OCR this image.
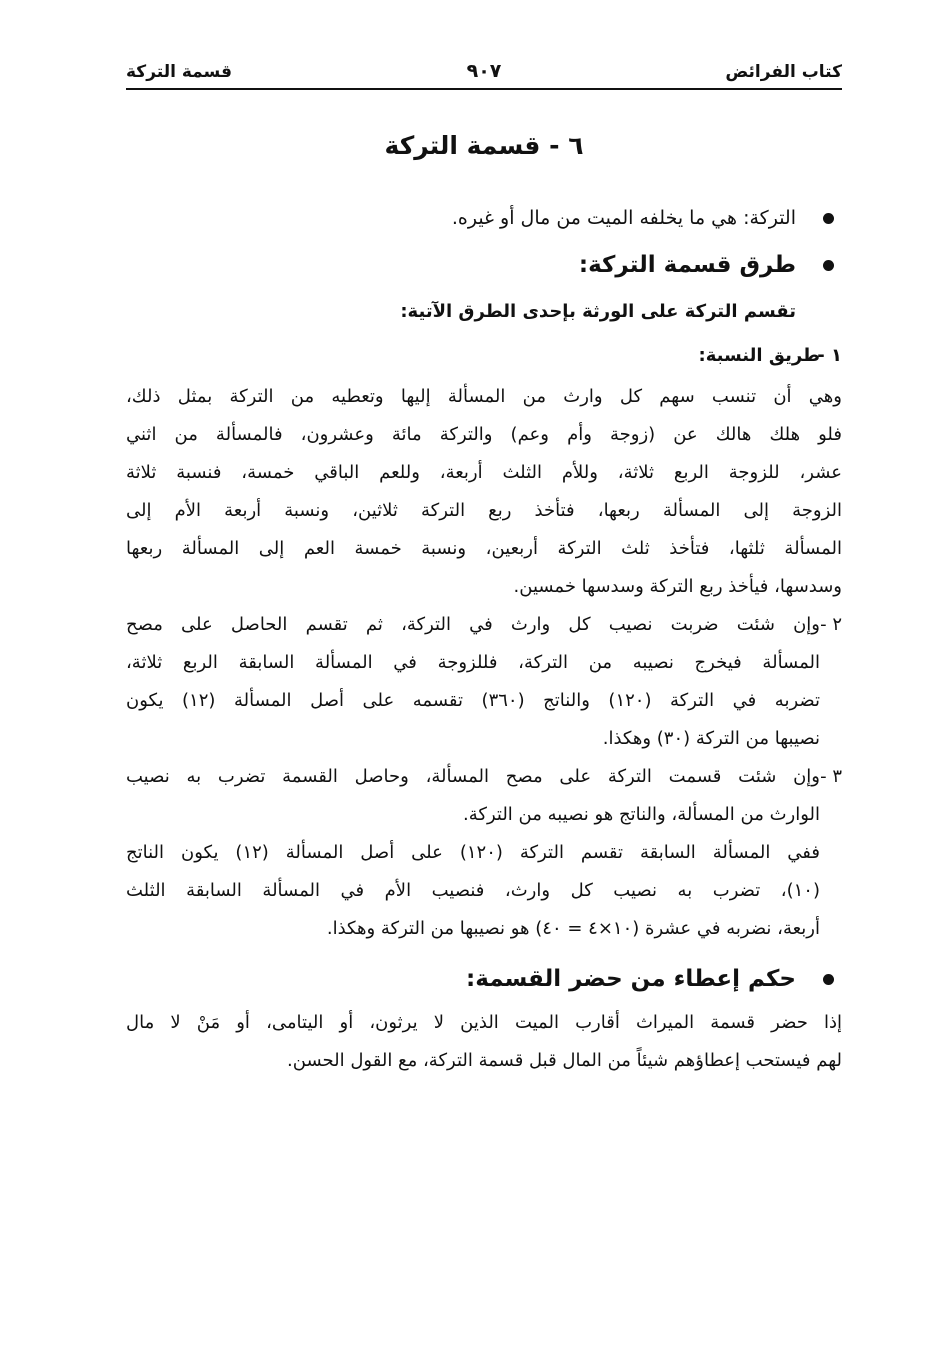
كتاب الفرائض
٩٠٧
قسمة التركة
٦ - قسمة التركة
التركة: هي ما يخلفه الميت من مال أو غيره.
طرق قسمة التركة:
تقسم التركة على الورثة بإحدى الطرق الآتية:
١ -
طريق النسبة:
وهي أن تنسب سهم كل وارث من المسألة إليها وتعطيه من التركة بمثل ذلك،
فلو هلك هالك عن (زوجة وأم وعم) والتركة مائة وعشرون، فالمسألة من اثني
عشر، للزوجة الربع ثلاثة، وللأم الثلث أربعة، وللعم الباقي خمسة، فنسبة ثلاثة
الزوجة إلى المسألة ربعها، فتأخذ ربع التركة ثلاثين، ونسبة أربعة الأم إلى
المسألة ثلثها، فتأخذ ثلث التركة أربعين، ونسبة خمسة العم إلى المسألة ربعها
وسدسها، فيأخذ ربع التركة وسدسها خمسين.
٢ -
وإن شئت ضربت نصيب كل وارث في التركة، ثم تقسم الحاصل على مصح
المسألة فيخرج نصيبه من التركة، فللزوجة في المسألة السابقة الربع ثلاثة،
تضربه في التركة (١٢٠) والناتج (٣٦٠) تقسمه على أصل المسألة (١٢) يكون
نصيبها من التركة (٣٠) وهكذا.
٣ -
وإن شئت قسمت التركة على مصح المسألة، وحاصل القسمة تضرب به نصيب
الوارث من المسألة، والناتج هو نصيبه من التركة.
ففي المسألة السابقة تقسم التركة (١٢٠) على أصل المسألة (١٢) يكون الناتج
(١٠)، تضرب به نصيب كل وارث، فنصيب الأم في المسألة السابقة الثلث
أربعة، نضربه في عشرة (١٠×٤ = ٤٠) هو نصيبها من التركة وهكذا.
حكم إعطاء من حضر القسمة:
إذا حضر قسمة الميراث أقارب الميت الذين لا يرثون، أو اليتامى، أو مَنْ لا مال
لهم فيستحب إعطاؤهم شيئاً من المال قبل قسمة التركة، مع القول الحسن.
